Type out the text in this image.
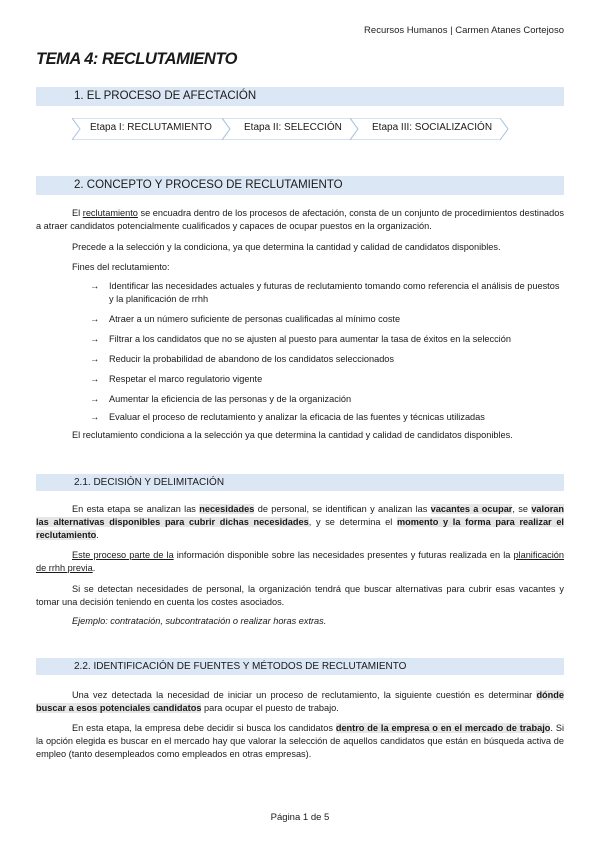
Recursos Humanos | Carmen Atanes Cortejoso
TEMA 4: RECLUTAMIENTO
1. EL PROCESO DE AFECTACIÓN
Etapa I: RECLUTAMIENTO	Etapa II: SELECCIÓN	Etapa III: SOCIALIZACIÓN
2. CONCEPTO Y PROCESO DE RECLUTAMIENTO

El reclutamiento se encuadra dentro de los procesos de afectación, consta de un conjunto de procedimientos destinados a atraer candidatos potencialmente cualificados y capaces de ocupar puestos en la organización.

Precede a la selección y la condiciona, ya que determina la cantidad y calidad de candidatos disponibles.

Fines del reclutamiento:

→	Identificar las necesidades actuales y futuras de reclutamiento tomando como referencia el análisis de puestos y la planificación de rrhh
→	Atraer a un número suficiente de personas cualificadas al mínimo coste
→	Filtrar a los candidatos que no se ajusten al puesto para aumentar la tasa de éxitos en la selección
→	Reducir la probabilidad de abandono de los candidatos seleccionados
→	Respetar el marco regulatorio vigente
→	Aumentar la eficiencia de las personas y de la organización
→	Evaluar el proceso de reclutamiento y analizar la eficacia de las fuentes y técnicas utilizadas

El reclutamiento condiciona a la selección ya que determina la cantidad y calidad de candidatos disponibles.

2.1. DECISIÓN Y DELIMITACIÓN

En esta etapa se analizan las necesidades de personal, se identifican y analizan las vacantes a ocupar, se valoran las alternativas disponibles para cubrir dichas necesidades, y se determina el momento y la forma para realizar el reclutamiento.

Este proceso parte de la información disponible sobre las necesidades presentes y futuras realizada en la planificación de rrhh previa.

Si se detectan necesidades de personal, la organización tendrá que buscar alternativas para cubrir esas vacantes y tomar una decisión teniendo en cuenta los costes asociados.

Ejemplo: contratación, subcontratación o realizar horas extras.

2.2. IDENTIFICACIÓN DE FUENTES Y MÉTODOS DE RECLUTAMIENTO

Una vez detectada la necesidad de iniciar un proceso de reclutamiento, la siguiente cuestión es determinar dónde buscar a esos potenciales candidatos para ocupar el puesto de trabajo.

En esta etapa, la empresa debe decidir si busca los candidatos dentro de la empresa o en el mercado de trabajo. Si la opción elegida es buscar en el mercado hay que valorar la selección de aquellos candidatos que están en búsqueda activa de empleo (tanto desempleados como empleados en otras empresas).

Página 1 de 5
